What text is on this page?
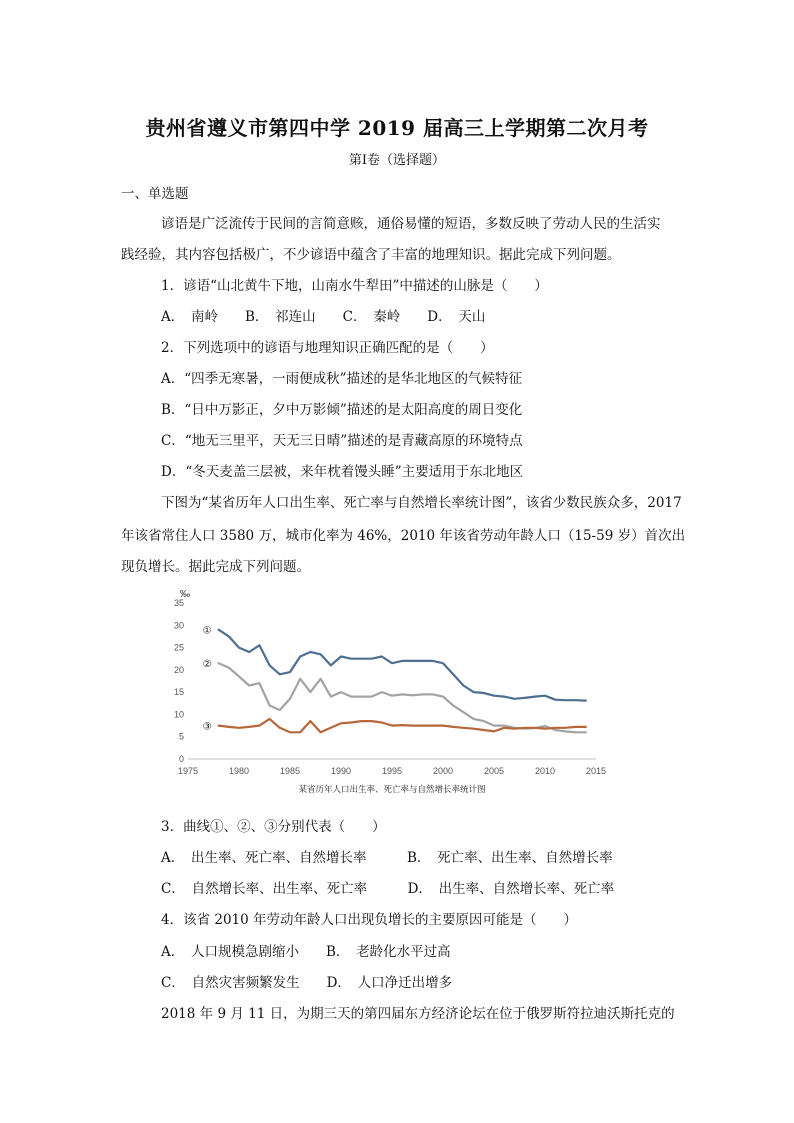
贵州省遵义市第四中学 2019 届高三上学期第二次月考
第Ⅰ卷（选择题）
一、单选题
谚语是广泛流传于民间的言简意赅，通俗易懂的短语，多数反映了劳动人民的生活实
践经验，其内容包括极广，不少谚语中蕴含了丰富的地理知识。据此完成下列问题。
1．谚语“山北黄牛下地，山南水牛犁田”中描述的山脉是（　　）
A．　南岭　　B．　祁连山　　C．　秦岭　　D．　天山
2．下列选项中的谚语与地理知识正确匹配的是（　　）
A．“四季无寒暑，一雨便成秋”描述的是华北地区的气候特征
B．“日中万影正，夕中万影倾”描述的是太阳高度的周日变化
C．“地无三里平，天无三日晴”描述的是青藏高原的环境特点
D．“冬天麦盖三层被，来年枕着馒头睡”主要适用于东北地区
下图为“某省历年人口出生率、死亡率与自然增长率统计图”，该省少数民族众多，2017
年该省常住人口 3580 万，城市化率为 46%，2010 年该省劳动年龄人口（15-59 岁）首次出
现负增长。据此完成下列问题。
0
5
10
15
20
25
30
35
1975	1980	1985	1990	1995	2000	2005	2010	2015
‰
①
②
③
某省历年人口出生率、死亡率与自然增长率统计图
3．曲线①、②、③分别代表（　　）
A．　出生率、死亡率、自然增长率　　　B．　死亡率、出生率、自然增长率
C．　自然增长率、出生率、死亡率　　　D．　出生率、自然增长率、死亡率
4．该省 2010 年劳动年龄人口出现负增长的主要原因可能是（　　）
A．　人口规模急剧缩小　　B．　老龄化水平过高
C．　自然灾害频繁发生　　D．　人口净迁出增多
2018 年 9 月 11 日，为期三天的第四届东方经济论坛在位于俄罗斯符拉迪沃斯托克的
